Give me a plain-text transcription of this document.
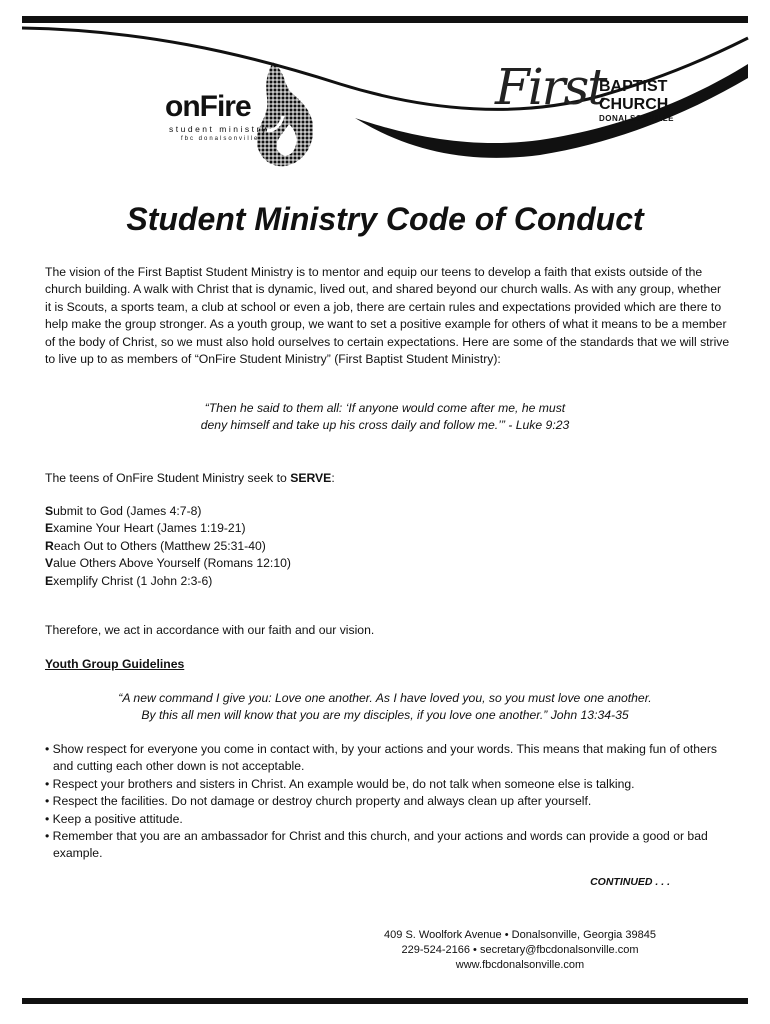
onFire
student ministry
fbc donalsonville
First
BAPTIST
CHURCH
DONALSONVILLE
Student Ministry Code of Conduct
The vision of the First Baptist Student Ministry is to mentor and equip our teens to develop a faith that exists outside of the church building. A walk with Christ that is dynamic, lived out, and shared beyond our church walls. As with any group, whether it is Scouts, a sports team, a club at school or even a job, there are certain rules and expectations provided which are there to help make the group stronger. As a youth group, we want to set a positive example for others of what it means to be a member of the body of Christ, so we must also hold ourselves to certain expectations. Here are some of the standards that we will strive to live up to as members of “OnFire Student Ministry” (First Baptist Student Ministry):
“Then he said to them all: ‘If anyone would come after me, he must
deny himself and take up his cross daily and follow me.’” - Luke 9:23
The teens of OnFire Student Ministry seek to SERVE:
Submit to God (James 4:7-8)
Examine Your Heart (James 1:19-21)
Reach Out to Others (Matthew 25:31-40)
Value Others Above Yourself (Romans 12:10)
Exemplify Christ (1 John 2:3-6)
Therefore, we act in accordance with our faith and our vision.
Youth Group Guidelines
“A new command I give you: Love one another. As I have loved you, so you must love one another.
By this all men will know that you are my disciples, if you love one another.” John 13:34-35
• Show respect for everyone you come in contact with, by your actions and your words. This means that making fun of others and cutting each other down is not acceptable.
• Respect your brothers and sisters in Christ. An example would be, do not talk when someone else is talking.
• Respect the facilities. Do not damage or destroy church property and always clean up after yourself.
• Keep a positive attitude.
• Remember that you are an ambassador for Christ and this church, and your actions and words can provide a good or bad example.
CONTINUED . . .
409 S. Woolfork Avenue • Donalsonville, Georgia 39845
229-524-2166 • secretary@fbcdonalsonville.com
www.fbcdonalsonville.com
